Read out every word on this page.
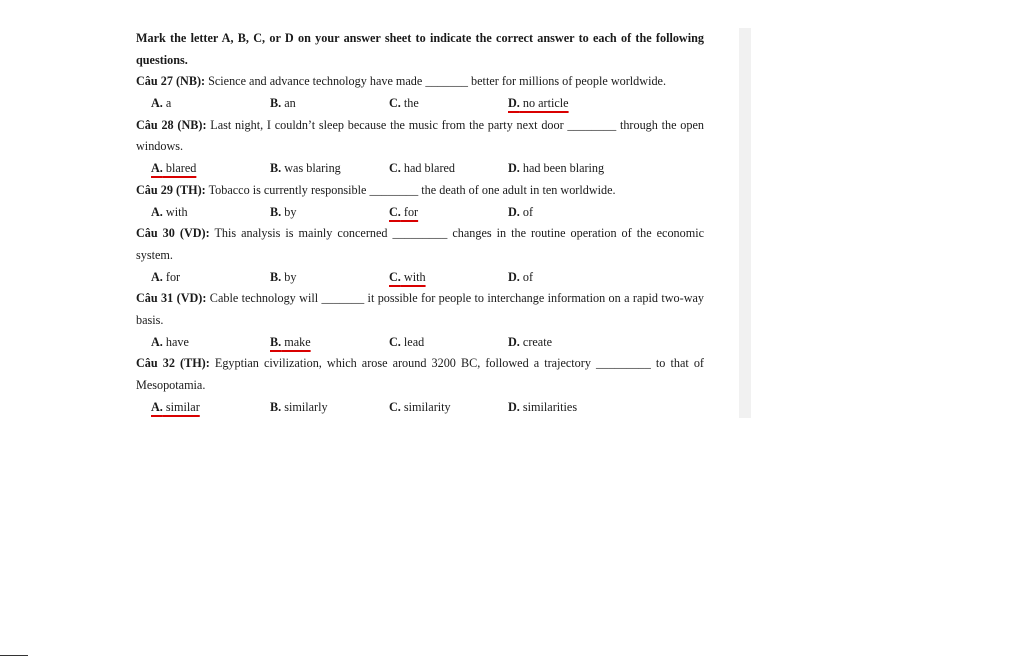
Mark the letter A, B, C, or D on your answer sheet to indicate the correct answer to each of the following questions.
Câu 27 (NB): Science and advance technology have made _______ better for millions of people worldwide.
A. a	B. an	C. the	D. no article
Câu 28 (NB): Last night, I couldn’t sleep because the music from the party next door ________ through the open windows.
A. blared	B. was blaring	C. had blared	D. had been blaring
Câu 29 (TH): Tobacco is currently responsible ________ the death of one adult in ten worldwide.
A. with	B. by	C. for	D. of
Câu 30 (VD): This analysis is mainly concerned _________ changes in the routine operation of the economic system.
A. for	B. by	C. with	D. of
Câu 31 (VD): Cable technology will _______ it possible for people to interchange information on a rapid two-way basis.
A. have	B. make	C. lead	D. create
Câu 32 (TH): Egyptian civilization, which arose around 3200 BC, followed a trajectory _________ to that of Mesopotamia.
A. similar	B. similarly	C. similarity	D. similarities
